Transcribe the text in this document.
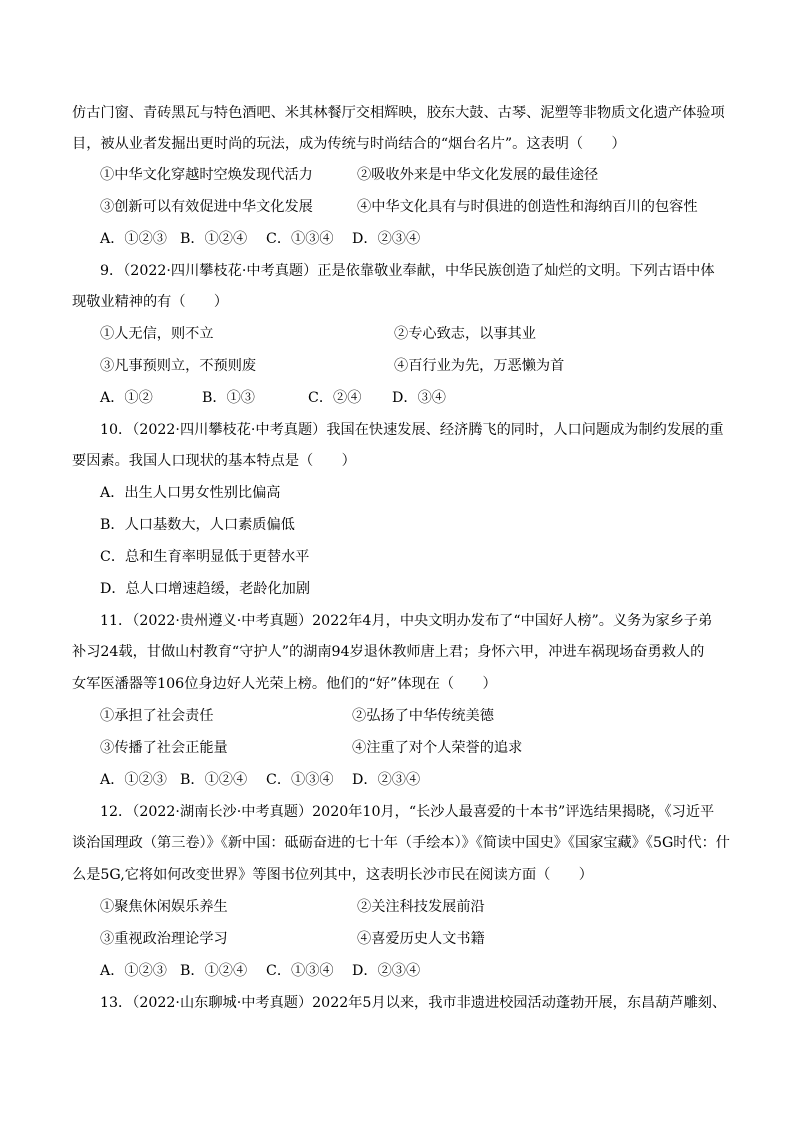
仿古门窗、青砖黑瓦与特色酒吧、米其林餐厅交相辉映，胶东大鼓、古琴、泥塑等非物质文化遗产体验项
目，被从业者发掘出更时尚的玩法，成为传统与时尚结合的“烟台名片”。这表明（　　）
①中华文化穿越时空焕发现代活力	②吸收外来是中华文化发展的最佳途径
③创新可以有效促进中华文化发展	④中华文化具有与时俱进的创造性和海纳百川的包容性
A．①②③ B．①②④ C．①③④ D．②③④
9．（2022·四川攀枝花·中考真题）正是依靠敬业奉献，中华民族创造了灿烂的文明。下列古语中体
现敬业精神的有（　　）
①人无信，则不立	②专心致志，以事其业
③凡事预则立，不预则废	④百行业为先，万恶懒为首
A．①②	B．①③	C．②④ D．③④
10．（2022·四川攀枝花·中考真题）我国在快速发展、经济腾飞的同时，人口问题成为制约发展的重
要因素。我国人口现状的基本特点是（　　）
A．出生人口男女性别比偏高
B．人口基数大，人口素质偏低
C．总和生育率明显低于更替水平
D．总人口增速趋缓，老龄化加剧
11．（2022·贵州遵义·中考真题）2022年4月，中央文明办发布了“中国好人榜”。义务为家乡子弟
补习24载，甘做山村教育“守护人”的湖南94岁退休教师唐上君；身怀六甲，冲进车祸现场奋勇救人的
女军医潘器等106位身边好人光荣上榜。他们的“好”体现在（　　）
①承担了社会责任	②弘扬了中华传统美德
③传播了社会正能量	④注重了对个人荣誉的追求
A．①②③ B．①②④ C．①③④ D．②③④
12．（2022·湖南长沙·中考真题）2020年10月，“长沙人最喜爱的十本书”评选结果揭晓，《习近平
谈治国理政（第三卷）》《新中国：砥砺奋进的七十年（手绘本）》《简读中国史》《国家宝藏》《5G时代：什
么是5G,它将如何改变世界》等图书位列其中，这表明长沙市民在阅读方面（　　）
①聚焦休闲娱乐养生	②关注科技发展前沿
③重视政治理论学习	④喜爱历史人文书籍
A．①②③ B．①②④ C．①③④ D．②③④
13．（2022·山东聊城·中考真题）2022年5月以来，我市非遗进校园活动蓬勃开展，东昌葫芦雕刻、
